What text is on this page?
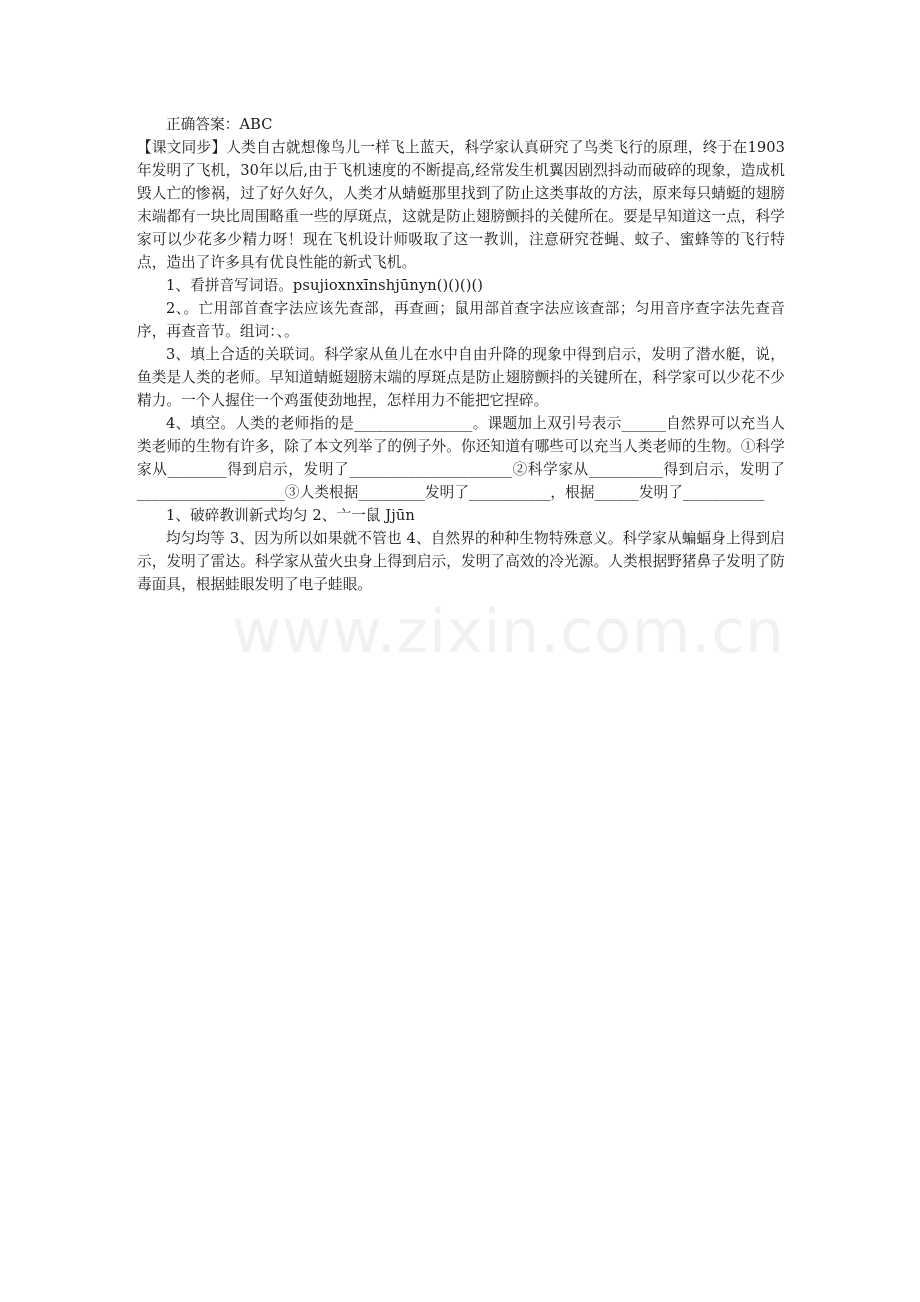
正确答案：ABC

【课文同步】人类自古就想像鸟儿一样飞上蓝天，科学家认真研究了鸟类飞行的原理，终于在1903年发明了飞机，30年以后,由于飞机速度的不断提高,经常发生机翼因剧烈抖动而破碎的现象，造成机毁人亡的惨祸，过了好久好久，人类才从蜻蜓那里找到了防止这类事故的方法，原来每只蜻蜓的翅膀末端都有一块比周围略重一些的厚斑点，这就是防止翅膀颤抖的关健所在。要是早知道这一点，科学家可以少花多少精力呀！现在飞机设计师吸取了这一教训，注意研究苍蝇、蚊子、蜜蜂等的飞行特点，造出了许多具有优良性能的新式飞机。

1、看拼音写词语。psujioxnxīnshjūnyn()()()()

2、。亡用部首查字法应该先查部，再查画；鼠用部首查字法应该查部；匀用音序查字法先查音序，再查音节。组词：、。

3、填上合适的关联词。科学家从鱼儿在水中自由升降的现象中得到启示，发明了潜水艇，说，鱼类是人类的老师。早知道蜻蜓翅膀末端的厚斑点是防止翅膀颤抖的关键所在，科学家可以少花不少精力。一个人握住一个鸡蛋使劲地捏，怎样用力不能把它捏碎。

4、填空。人类的老师指的是________________。课题加上双引号表示______自然界可以充当人类老师的生物有许多，除了本文列举了的例子外。你还知道有哪些可以充当人类老师的生物。①科学家从________得到启示，发明了______________________②科学家从__________得到启示，发明了____________________③人类根据_________发明了___________，根据______发明了___________

1、破碎教训新式均匀 2、亠一鼠 Jjūn

均匀均等 3、因为所以如果就不管也 4、自然界的种种生物特殊意义。科学家从蝙蝠身上得到启示，发明了雷达。科学家从萤火虫身上得到启示，发明了高效的冷光源。人类根据野猪鼻子发明了防毒面具，根据蛙眼发明了电子蛙眼。

www.zixin.com.cn
